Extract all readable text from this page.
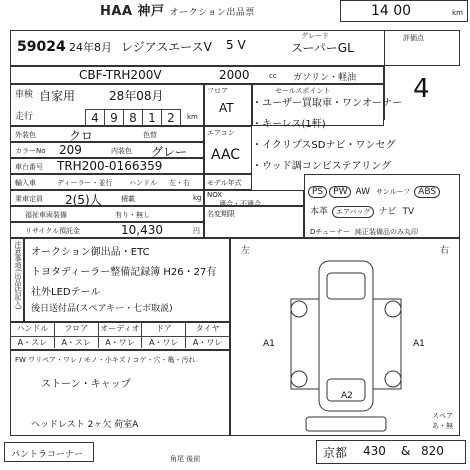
HAA 神戸 オークション出品票	14 00	km
59024 24年8月 レジアスエースV 5 V
グレード
スーパーGL
評価点
4
CBF-TRH200V	2000	cc ガソリン・軽油
車検 自家用	28年08月
走行	4 9 8 1 2	km
フロア
AT
セールスポイント
・ユーザー買取車・ワンオーナー
・キーレス(1軒)
・イクリプスSDナビ・ワンセグ
・ウッド調コンビステアリング
外装色	クロ	色替
カラーNo 209	内装色 グレー
車台番号 TRH200-0166359
輸入車	ディーラー・並行 ハンドル 左・右
乗車定員 2(5)人	積載	kg
福祉車両装備	有り・無し
リサイクル預託金	10,430	円
エアコン
AAC
モデル年式
NOX
適合・不適合
名変期限
PS PW AW サンルーフ ABS
本革 エアバッグ ナビ TVDチューナー 純正装備品のみ丸印
注意事項(出品店記入) オークション御出品・ETC
トヨタディーラー整備記録簿 H26・27有
社外LEDテール
後日送付品(スペアキー・七ボ取説)
ハンドル	フロア	オーディオ	ドア	タイヤ
A・スレ	A・スレ	A・ワレ	A・ワレ	A・ワレ
FW ワリペア・ワレ / モノ・小キズ / コゲ・穴・亀・汚れ
ストーン・キャップ
ヘッドレスト 2ヶ欠 荷室A
左	右
A2
A1	A1
スペア
あ・無
パントラコーナー	角尾 後前	京都 430 & 820
